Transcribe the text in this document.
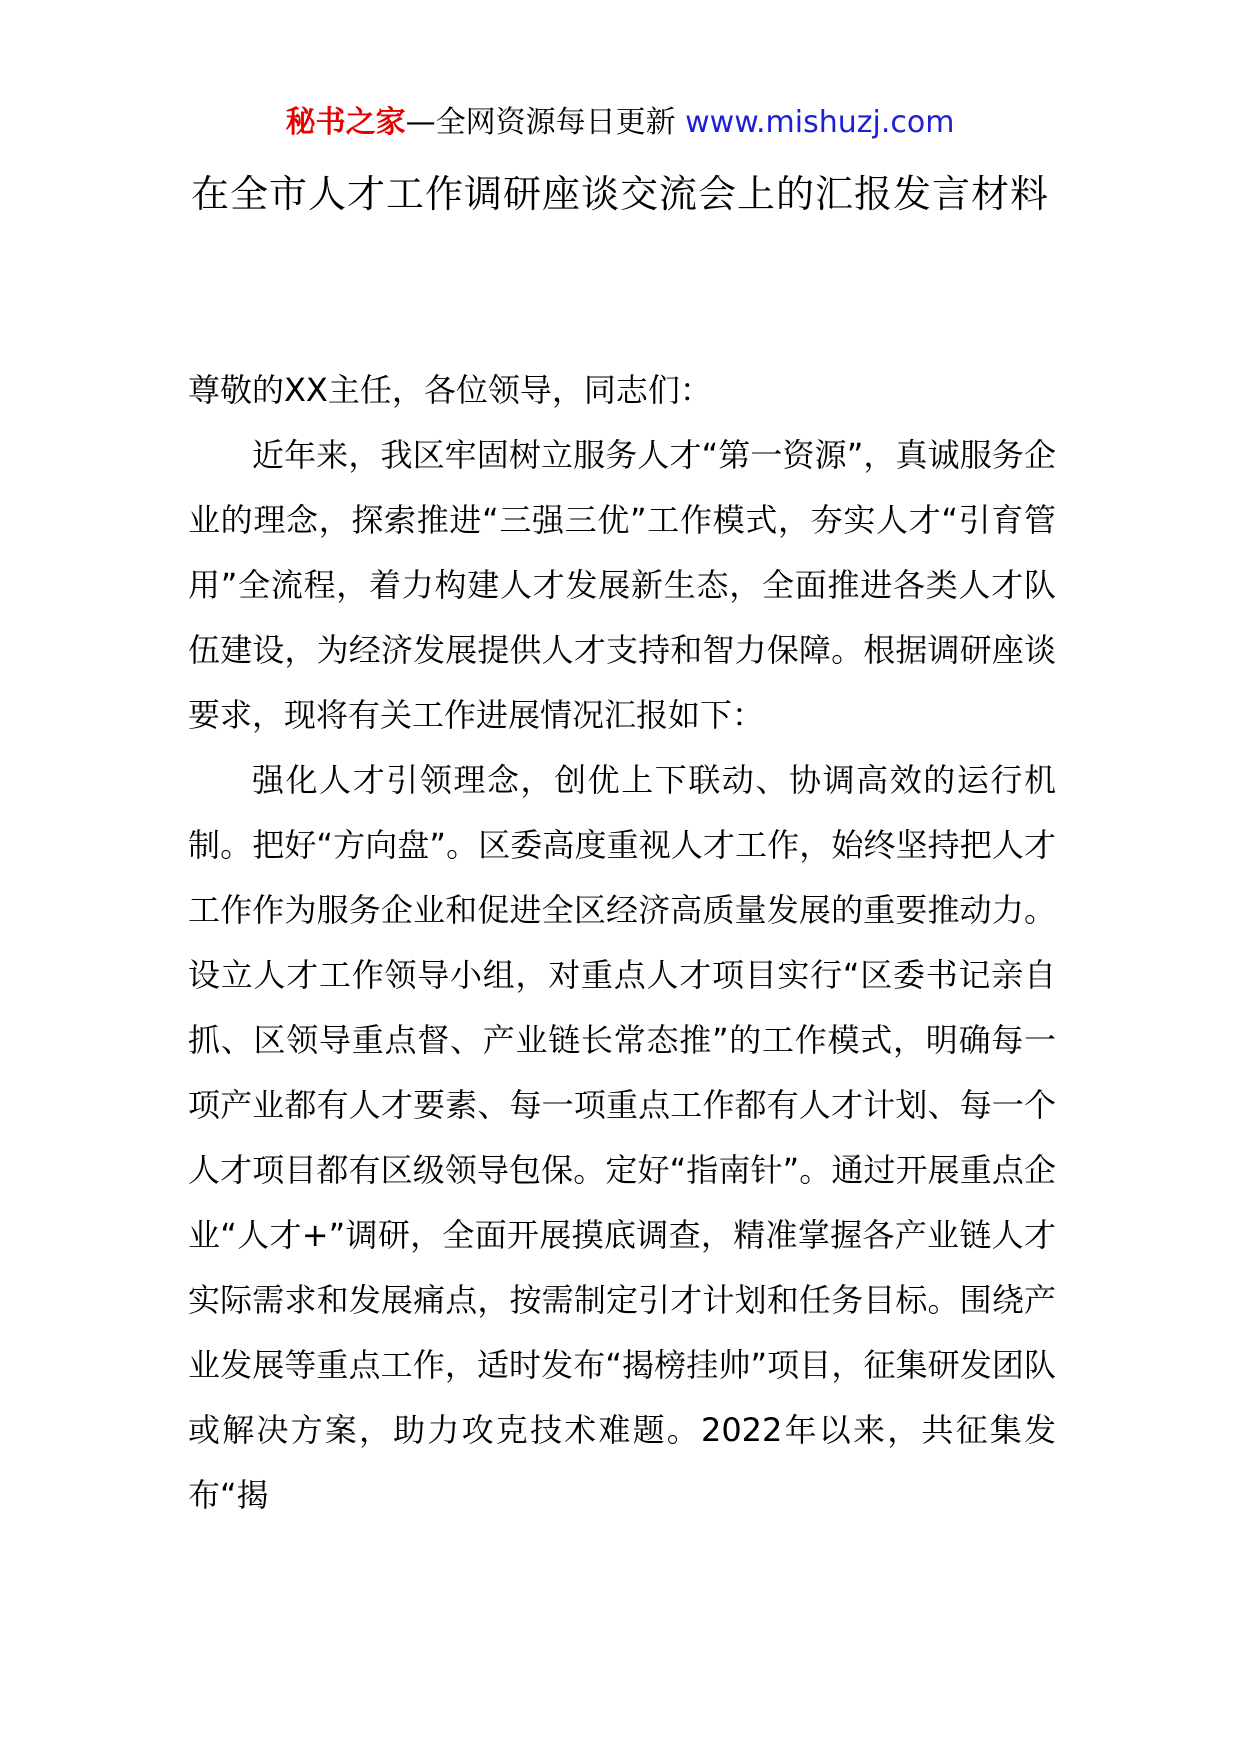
秘书之家—全网资源每日更新 www.mishuzj.com
在全市人才工作调研座谈交流会上的汇报发言材料

尊敬的XX主任，各位领导，同志们：

近年来，我区牢固树立服务人才“第一资源”，真诚服务企业的理念，探索推进“三强三优”工作模式，夯实人才“引育管用”全流程，着力构建人才发展新生态，全面推进各类人才队伍建设，为经济发展提供人才支持和智力保障。根据调研座谈要求，现将有关工作进展情况汇报如下：

强化人才引领理念，创优上下联动、协调高效的运行机制。把好“方向盘”。区委高度重视人才工作，始终坚持把人才工作作为服务企业和促进全区经济高质量发展的重要推动力。设立人才工作领导小组，对重点人才项目实行“区委书记亲自抓、区领导重点督、产业链长常态推”的工作模式，明确每一项产业都有人才要素、每一项重点工作都有人才计划、每一个人才项目都有区级领导包保。定好“指南针”。通过开展重点企业“人才+”调研，全面开展摸底调查，精准掌握各产业链人才实际需求和发展痛点，按需制定引才计划和任务目标。围绕产业发展等重点工作，适时发布“揭榜挂帅”项目，征集研发团队或解决方案，助力攻克技术难题。2022年以来，共征集发布“揭
